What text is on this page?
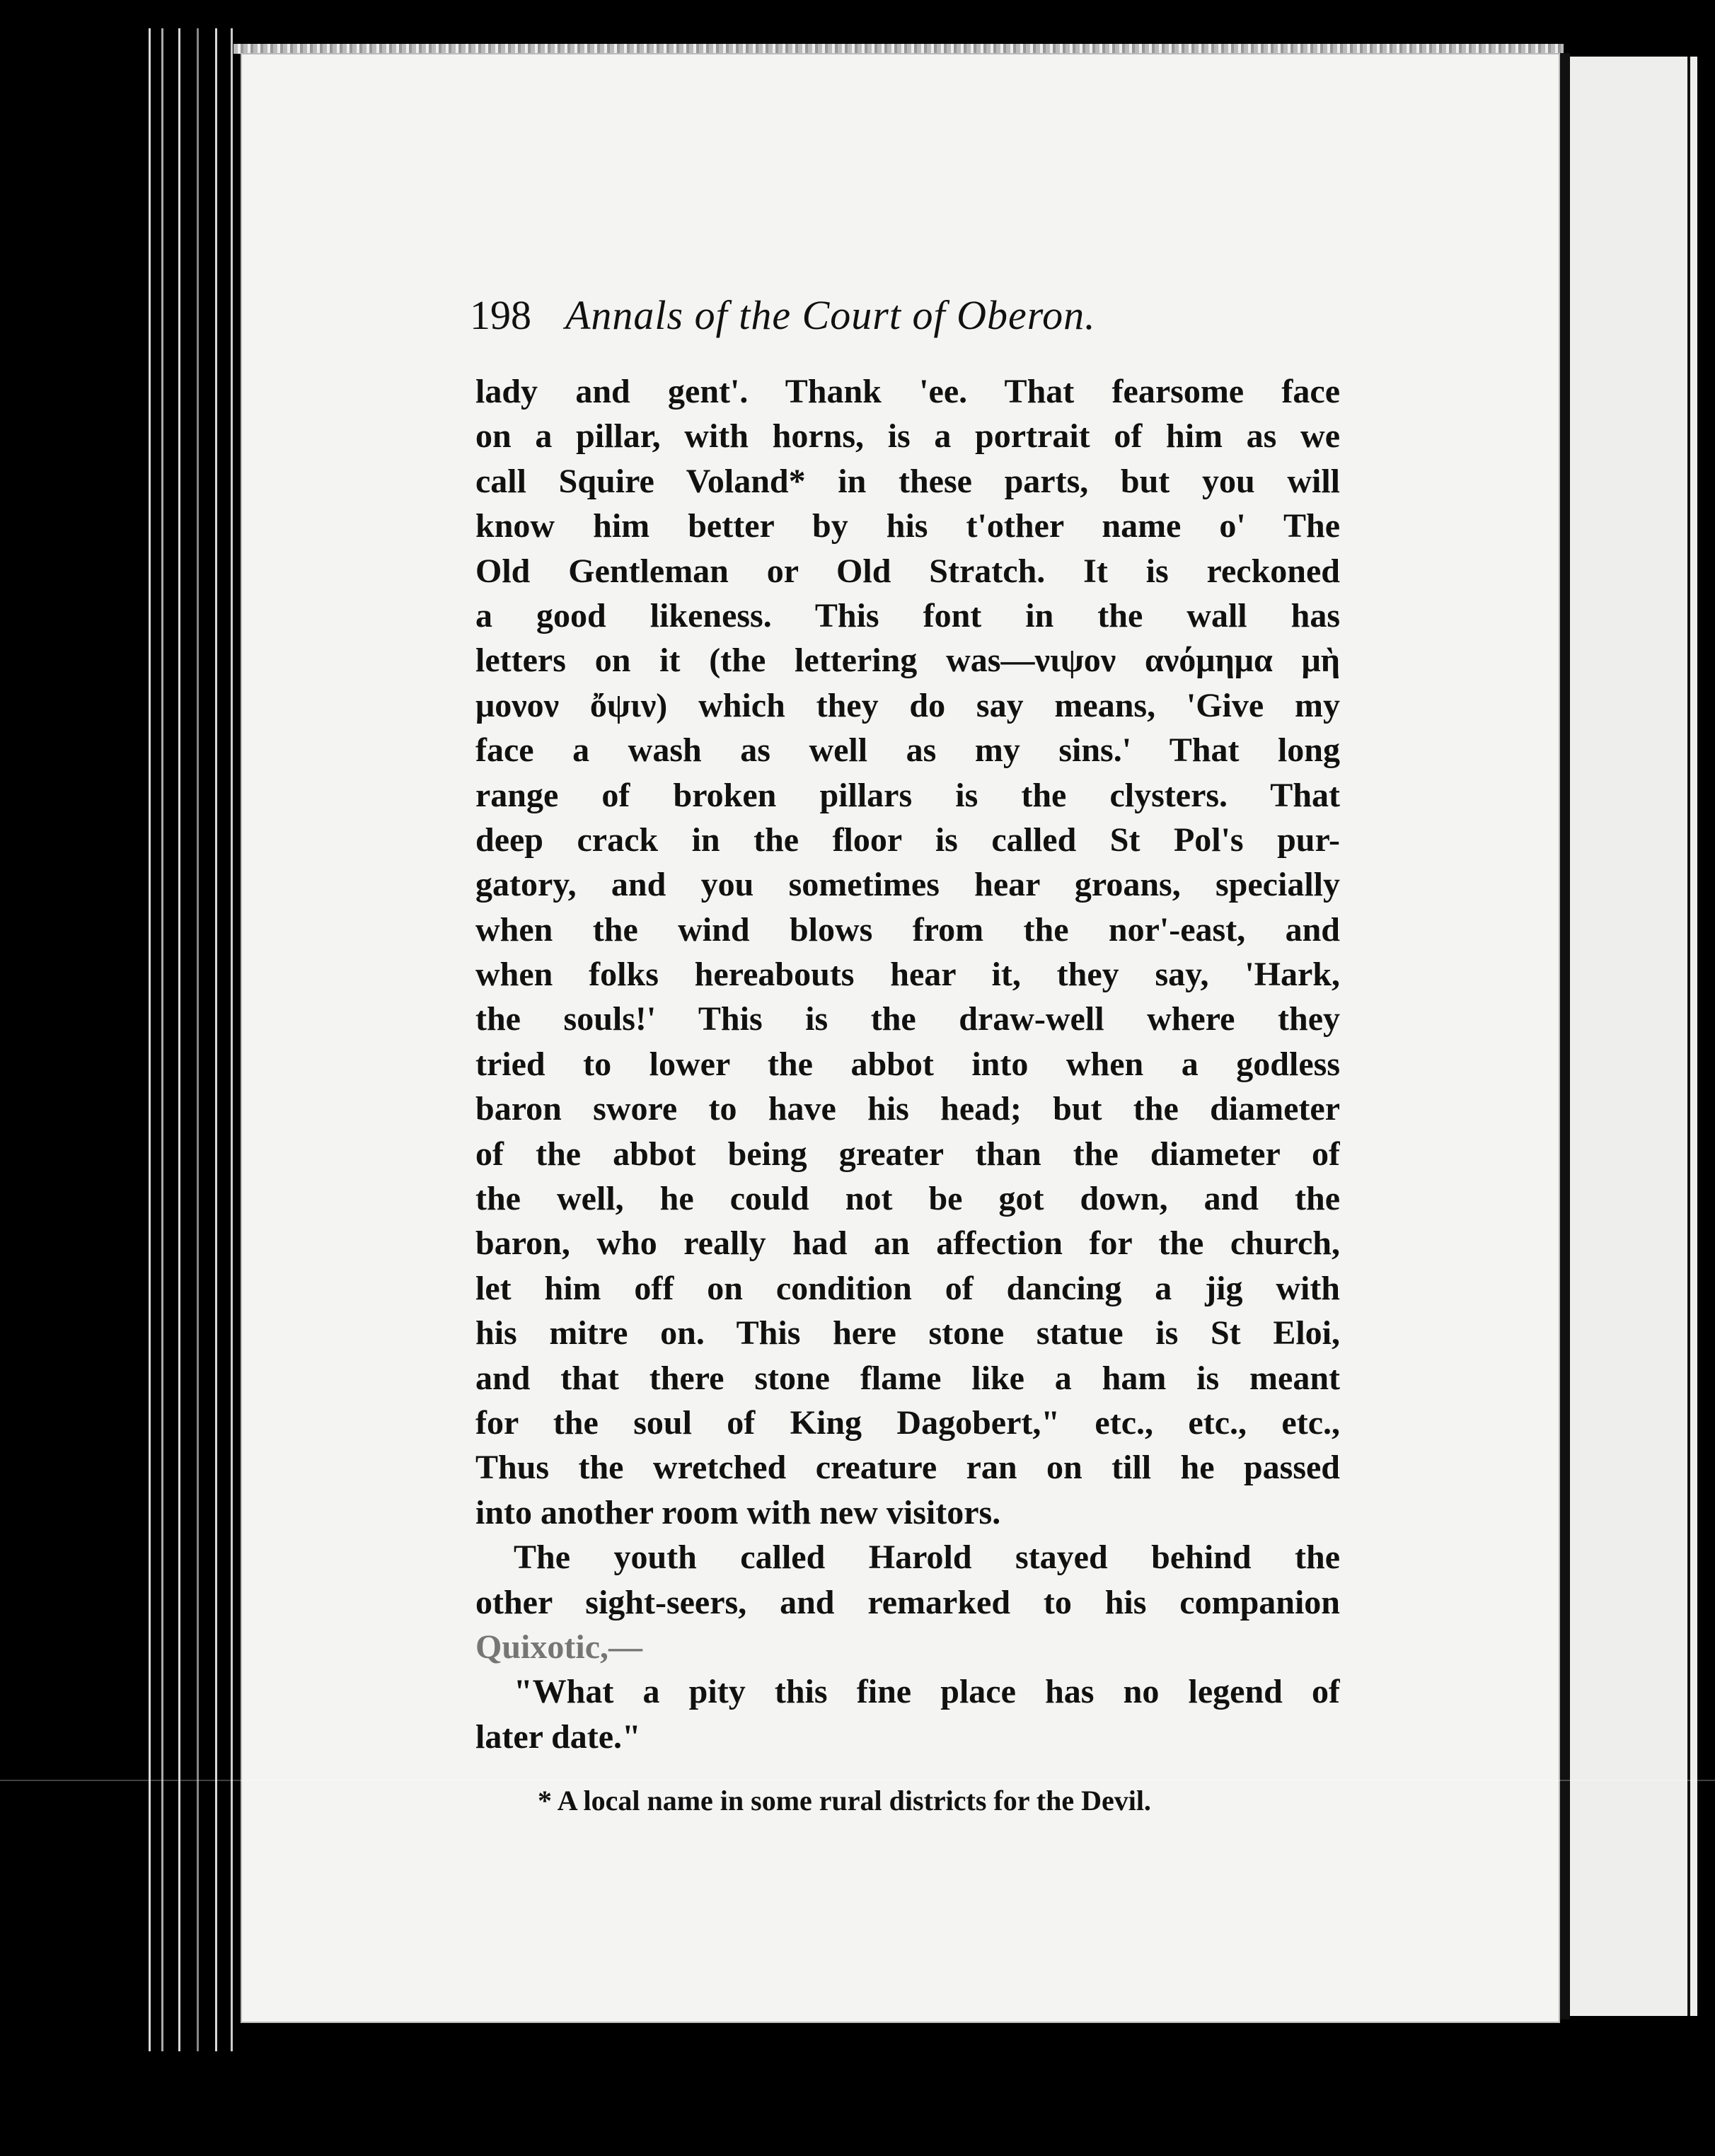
198 Annals of the Court of Oberon.
lady and gent'. Thank 'ee. That fearsome face
on a pillar, with horns, is a portrait of him as we
call Squire Voland* in these parts, but you will
know him better by his t'other name o' The
Old Gentleman or Old Stratch. It is reckoned
a good likeness. This font in the wall has
letters on it (the lettering was—νιψον ανόμημα μὴ
μονον ὄψιν) which they do say means, 'Give my
face a wash as well as my sins.' That long
range of broken pillars is the clysters. That
deep crack in the floor is called St Pol's pur-
gatory, and you sometimes hear groans, specially
when the wind blows from the nor'-east, and
when folks hereabouts hear it, they say, 'Hark,
the souls!' This is the draw-well where they
tried to lower the abbot into when a godless
baron swore to have his head; but the diameter
of the abbot being greater than the diameter of
the well, he could not be got down, and the
baron, who really had an affection for the church,
let him off on condition of dancing a jig with
his mitre on. This here stone statue is St Eloi,
and that there stone flame like a ham is meant
for the soul of King Dagobert," etc., etc., etc.,
Thus the wretched creature ran on till he passed
into another room with new visitors.
The youth called Harold stayed behind the
other sight-seers, and remarked to his companion
Quixotic,—
"What a pity this fine place has no legend of
later date."
* A local name in some rural districts for the Devil.
